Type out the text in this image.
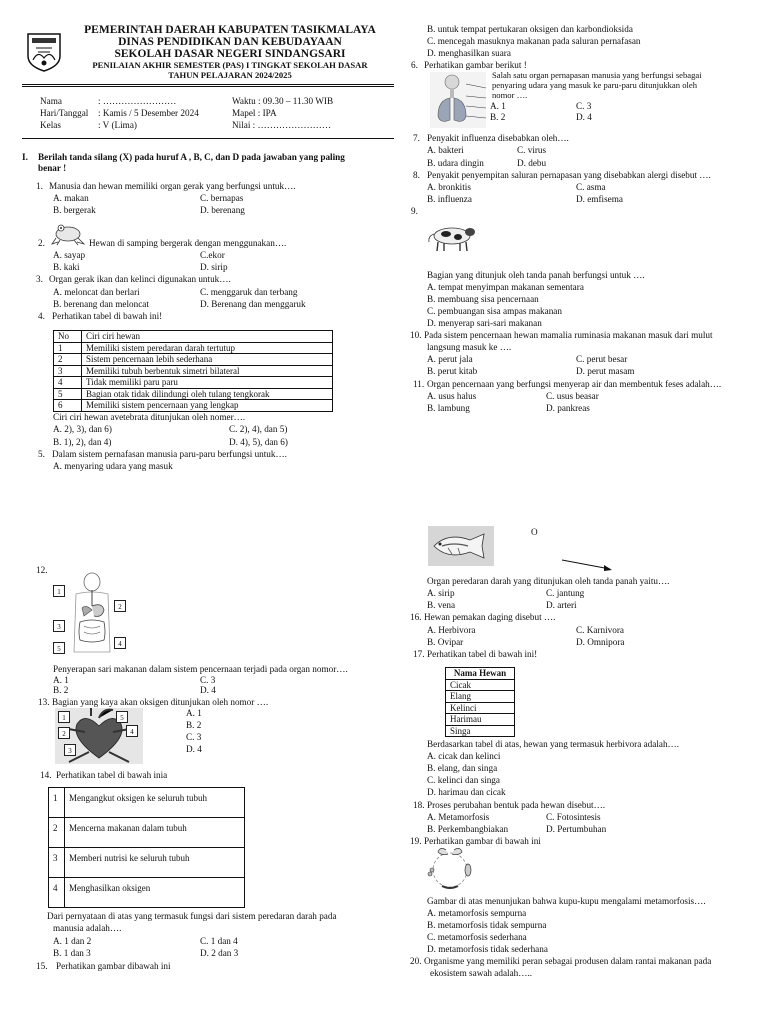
KAB. TASIKMALAYA	PEMERINTAH DAERAH KABUPATEN TASIKMALAYA
DINAS PENDIDIKAN DAN KEBUDAYAAN
SEKOLAH DASAR NEGERI SINDANGSARI
PENILAIAN AKHIR SEMESTER (PAS) I TINGKAT SEKOLAH DASAR
TAHUN PELAJARAN 2024/2025
Nama	: ……………………
Hari/Tanggal : Kamis / 5 Desember 2024
Kelas	: V (Lima)
Waktu : 09.30 – 11.30 WIB
Mapel : IPA
Nilai : ……………………
I. Berilah tanda silang (X) pada huruf A , B, C, dan D pada jawaban yang paling
benar !
1. Manusia dan hewan memiliki organ gerak yang berfungsi untuk….
A. makan	C. bernapas
B. bergerak	D. berenang
2.	Hewan di samping bergerak dengan menggunakan….
A. sayap	C.ekor
B. kaki	D. sirip
3. Organ gerak ikan dan kelinci digunakan untuk….
A. meloncat dan berlari	C. menggaruk dan terbang
B. berenang dan meloncat	D. Berenang dan menggaruk
4. Perhatikan tabel di bawah ini!
No	Ciri ciri hewan
1	Memiliki sistem peredaran darah tertutup
2	Sistem pencernaan lebih sederhana
3	Memiliki tubuh berbentuk simetri bilateral
4	Tidak memiliki paru paru
5	Bagian otak tidak dilindungi oleh tulang tengkorak
6	Memiliki sistem pencernaan yang lengkap
Ciri ciri hewan avetebrata ditunjukan oleh nomer….
A. 2), 3), dan 6)	C. 2), 4), dan 5)
B. 1), 2), dan 4)	D. 4), 5), dan 6)
5. Dalam sistem pernafasan manusia paru-paru berfungsi untuk….
A. menyaring udara yang masuk
B. untuk tempat pertukaran oksigen dan karbondioksida
C. mencegah masuknya makanan pada saluran pernafasan
D. menghasilkan suara
6. Perhatikan gambar berikut !
Salah satu organ pernapasan manusia yang berfungsi sebagai
penyaring udara yang masuk ke paru-paru ditunjukkan oleh
nomor ….
A. 1	C. 3
B. 2	D. 4
7. Penyakit influenza disebabkan oleh….
A. bakteri	C. virus
B. udara dingin	D. debu
8. Penyakit penyempitan saluran pernapasan yang disebabkan alergi disebut ….
A. bronkitis	C. asma
B. influenza	D. emfisema
9.
Bagian yang ditunjuk oleh tanda panah berfungsi untuk ….
A. tempat menyimpan makanan sementara
B. membuang sisa pencernaan
C. pembuangan sisa ampas makanan
D. menyerap sari-sari makanan
10. Pada sistem pencernaan hewan mamalia ruminasia makanan masuk dari mulut
langsung masuk ke ….
A. perut jala	C. perut besar
B. perut kitab	D. perut masam
11. Organ pencernaan yang berfungsi menyerap air dan membentuk feses adalah….
A. usus halus	C. usus beasar
B. lambung	D. pankreas
12.
1
2
3
4
5
Penyerapan sari makanan dalam sistem pencernaan terjadi pada organ nomor….
A. 1	C. 3
B. 2	D. 4
13. Bagian yang kaya akan oksigen ditunjukan oleh nomor ….
1	5
2	4
3
A. 1
B. 2
C. 3
D. 4
14. Perhatikan tabel di bawah inia
1	Mengangkut oksigen ke seluruh tubuh
2	Mencerna makanan dalam tubuh
3	Memberi nutrisi ke seluruh tubuh
4	Menghasilkan oksigen
Dari pernyataan di atas yang termasuk fungsi dari sistem peredaran darah pada
manusia adalah….
A. 1 dan 2	C. 1 dan 4
B. 1 dan 3	D. 2 dan 3
15. Perhatikan gambar dibawah ini
O
Organ peredaran darah yang ditunjukan oleh tanda panah yaitu….
A. sirip	C. jantung
B. vena	D. arteri
16. Hewan pemakan daging disebut ….
A. Herbivora	C. Karnivora
B. Ovipar	D. Omnipora
17. Perhatikan tabel di bawah ini!
Nama Hewan
Cicak
Elang
Kelinci
Harimau
Singa
Berdasarkan tabel di atas, hewan yang termasuk herbivora adalah….
A. cicak dan kelinci
B. elang, dan singa
C. kelinci dan singa
D. harimau dan cicak
18. Proses perubahan bentuk pada hewan disebut….
A. Metamorfosis	C. Fotosintesis
B. Perkembangbiakan	D. Pertumbuhan
19. Perhatikan gambar di bawah ini
Gambar di atas menunjukan bahwa kupu-kupu mengalami metamorfosis….
A. metamorfosis sempurna
B. metamorfosis tidak sempurna
C. metamorfosis sederhana
D. metamorfosis tidak sederhana
20. Organisme yang memiliki peran sebagai produsen dalam rantai makanan pada
ekosistem sawah adalah…..
